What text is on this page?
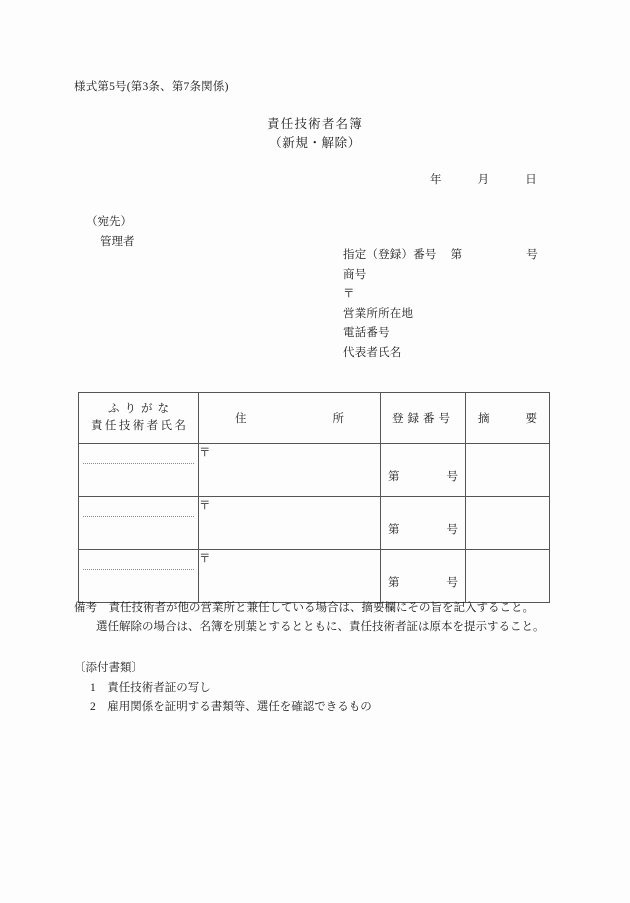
様式第5号(第3条、第7条関係)
責任技術者名簿
（新規・解除）
年　　　月　　　日
（宛先）
管理者
指定（登録）番号 第	号
商号
〒
営業所所在地
電話番号
代表者氏名
ふりがな
責任技術者氏名	住 所	登録番号	摘 要

	〒	第 号	

	〒	第 号	

	〒	第 号	

備考　責任技術者が他の営業所と兼任している場合は、摘要欄にその旨を記入すること。
選任解除の場合は、名簿を別葉とするとともに、責任技術者証は原本を提示すること。
〔添付書類〕
1　責任技術者証の写し
2　雇用関係を証明する書類等、選任を確認できるもの
